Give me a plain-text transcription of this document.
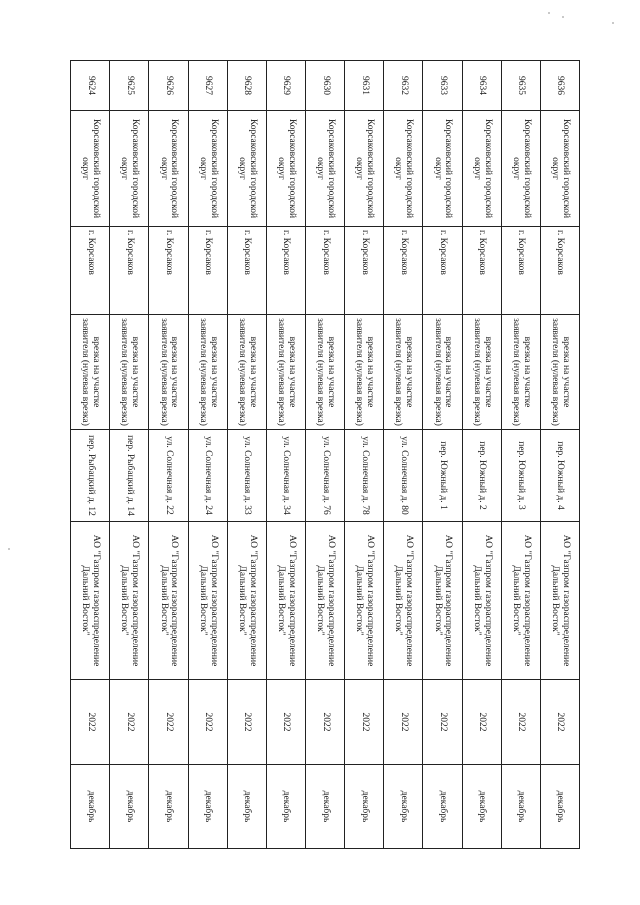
9636	Корсаковский городской округ	г. Корсаков	врезка на участке заявителя (нулевая врезка)	пер. Южный д. 4	АО "Газпром газораспределение Дальний Восток"	2022	декабрь
9635	Корсаковский городской округ	г. Корсаков	врезка на участке заявителя (нулевая врезка)	пер. Южный д. 3	АО "Газпром газораспределение Дальний Восток"	2022	декабрь
9634	Корсаковский городской округ	г. Корсаков	врезка на участке заявителя (нулевая врезка)	пер. Южный д. 2	АО "Газпром газораспределение Дальний Восток"	2022	декабрь
9633	Корсаковский городской округ	г. Корсаков	врезка на участке заявителя (нулевая врезка)	пер. Южный д. 1	АО "Газпром газораспределение Дальний Восток"	2022	декабрь
9632	Корсаковский городской округ	г. Корсаков	врезка на участке заявителя (нулевая врезка)	ул. Солнечная д. 80	АО "Газпром газораспределение Дальний Восток"	2022	декабрь
9631	Корсаковский городской округ	г. Корсаков	врезка на участке заявителя (нулевая врезка)	ул. Солнечная д. 78	АО "Газпром газораспределение Дальний Восток"	2022	декабрь
9630	Корсаковский городской округ	г. Корсаков	врезка на участке заявителя (нулевая врезка)	ул. Солнечная д. 76	АО "Газпром газораспределение Дальний Восток"	2022	декабрь
9629	Корсаковский городской округ	г. Корсаков	врезка на участке заявителя (нулевая врезка)	ул. Солнечная д. 34	АО "Газпром газораспределение Дальний Восток"	2022	декабрь
9628	Корсаковский городской округ	г. Корсаков	врезка на участке заявителя (нулевая врезка)	ул. Солнечная д. 33	АО "Газпром газораспределение Дальний Восток"	2022	декабрь
9627	Корсаковский городской округ	г. Корсаков	врезка на участке заявителя (нулевая врезка)	ул. Солнечная д. 24	АО "Газпром газораспределение Дальний Восток"	2022	декабрь
9626	Корсаковский городской округ	г. Корсаков	врезка на участке заявителя (нулевая врезка)	ул. Солнечная д. 22	АО "Газпром газораспределение Дальний Восток"	2022	декабрь
9625	Корсаковский городской округ	г. Корсаков	врезка на участке заявителя (нулевая врезка)	пер. Рыбацкий д. 14	АО "Газпром газораспределение Дальний Восток"	2022	декабрь
9624	Корсаковский городской округ	г. Корсаков	врезка на участке заявителя (нулевая врезка)	пер. Рыбацкий д. 12	АО "Газпром газораспределение Дальний Восток"	2022	декабрь
